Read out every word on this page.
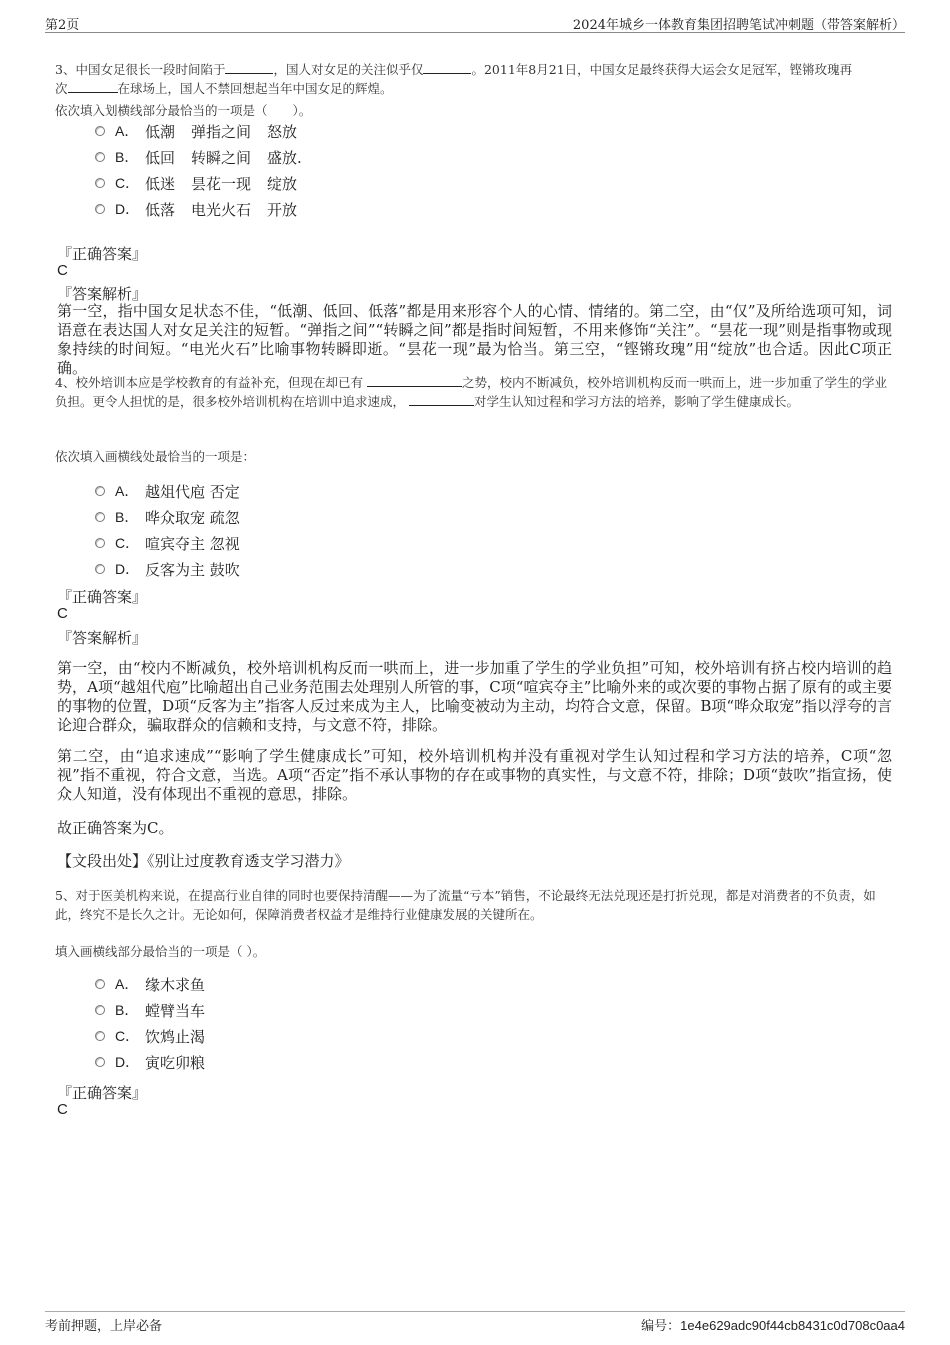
第2页	2024年城乡一体教育集团招聘笔试冲刺题（带答案解析）
3、中国女足很长一段时间陷于	，国人对女足的关注似乎仅	。2011年8月21日，中国女足最终获得大运会女足冠军，铿锵玫瑰再
次	在球场上，国人不禁回想起当年中国女足的辉煌。
依次填入划横线部分最恰当的一项是（　　）。
A． 低潮 弹指之间 怒放
B． 低回 转瞬之间 盛放.
C． 低迷 昙花一现 绽放
D． 低落 电光火石 开放
『正确答案』
C
『答案解析』
第一空，指中国女足状态不佳，“低潮、低回、低落”都是用来形容个人的心情、情绪的。第二空，由“仅”及所给选项可知，词语意在表达国人对女足关注的短暂。“弹指之间”“转瞬之间”都是指时间短暂，不用来修饰“关注”。“昙花一现”则是指事物或现象持续的时间短。“电光火石”比喻事物转瞬即逝。“昙花一现”最为恰当。第三空，“铿锵玫瑰”用“绽放”也合适。因此C项正确。
4、校外培训本应是学校教育的有益补充，但现在却已有	之势，校内不断减负，校外培训机构反而一哄而上，进一步加重了学生的学业负担。更令人担忧的是，很多校外培训机构在培训中追求速成，	对学生认知过程和学习方法的培养，影响了学生健康成长。
依次填入画横线处最恰当的一项是：
A． 越俎代庖 否定
B． 哗众取宠 疏忽
C． 喧宾夺主 忽视
D． 反客为主 鼓吹
『正确答案』
C
『答案解析』
第一空，由“校内不断减负，校外培训机构反而一哄而上，进一步加重了学生的学业负担”可知，校外培训有挤占校内培训的趋势，A项“越俎代庖”比喻超出自己业务范围去处理别人所管的事，C项“喧宾夺主”比喻外来的或次要的事物占据了原有的或主要的事物的位置，D项“反客为主”指客人反过来成为主人，比喻变被动为主动，均符合文意，保留。B项“哗众取宠”指以浮夸的言论迎合群众，骗取群众的信赖和支持，与文意不符，排除。
第二空，由“追求速成”“影响了学生健康成长”可知，校外培训机构并没有重视对学生认知过程和学习方法的培养，C项“忽视”指不重视，符合文意，当选。A项“否定”指不承认事物的存在或事物的真实性，与文意不符，排除；D项“鼓吹”指宣扬，使众人知道，没有体现出不重视的意思，排除。
故正确答案为C。
【文段出处】《别让过度教育透支学习潜力》
5、对于医美机构来说，在提高行业自律的同时也要保持清醒——为了流量“亏本”销售，不论最终无法兑现还是打折兑现，都是对消费者的不负责，如此，终究不是长久之计。无论如何，保障消费者权益才是维持行业健康发展的关键所在。
填入画横线部分最恰当的一项是（ ）。
A． 缘木求鱼
B． 螳臂当车
C． 饮鸩止渴
D． 寅吃卯粮
『正确答案』
C
考前押题，上岸必备	编号：1e4e629adc90f44cb8431c0d708c0aa4
